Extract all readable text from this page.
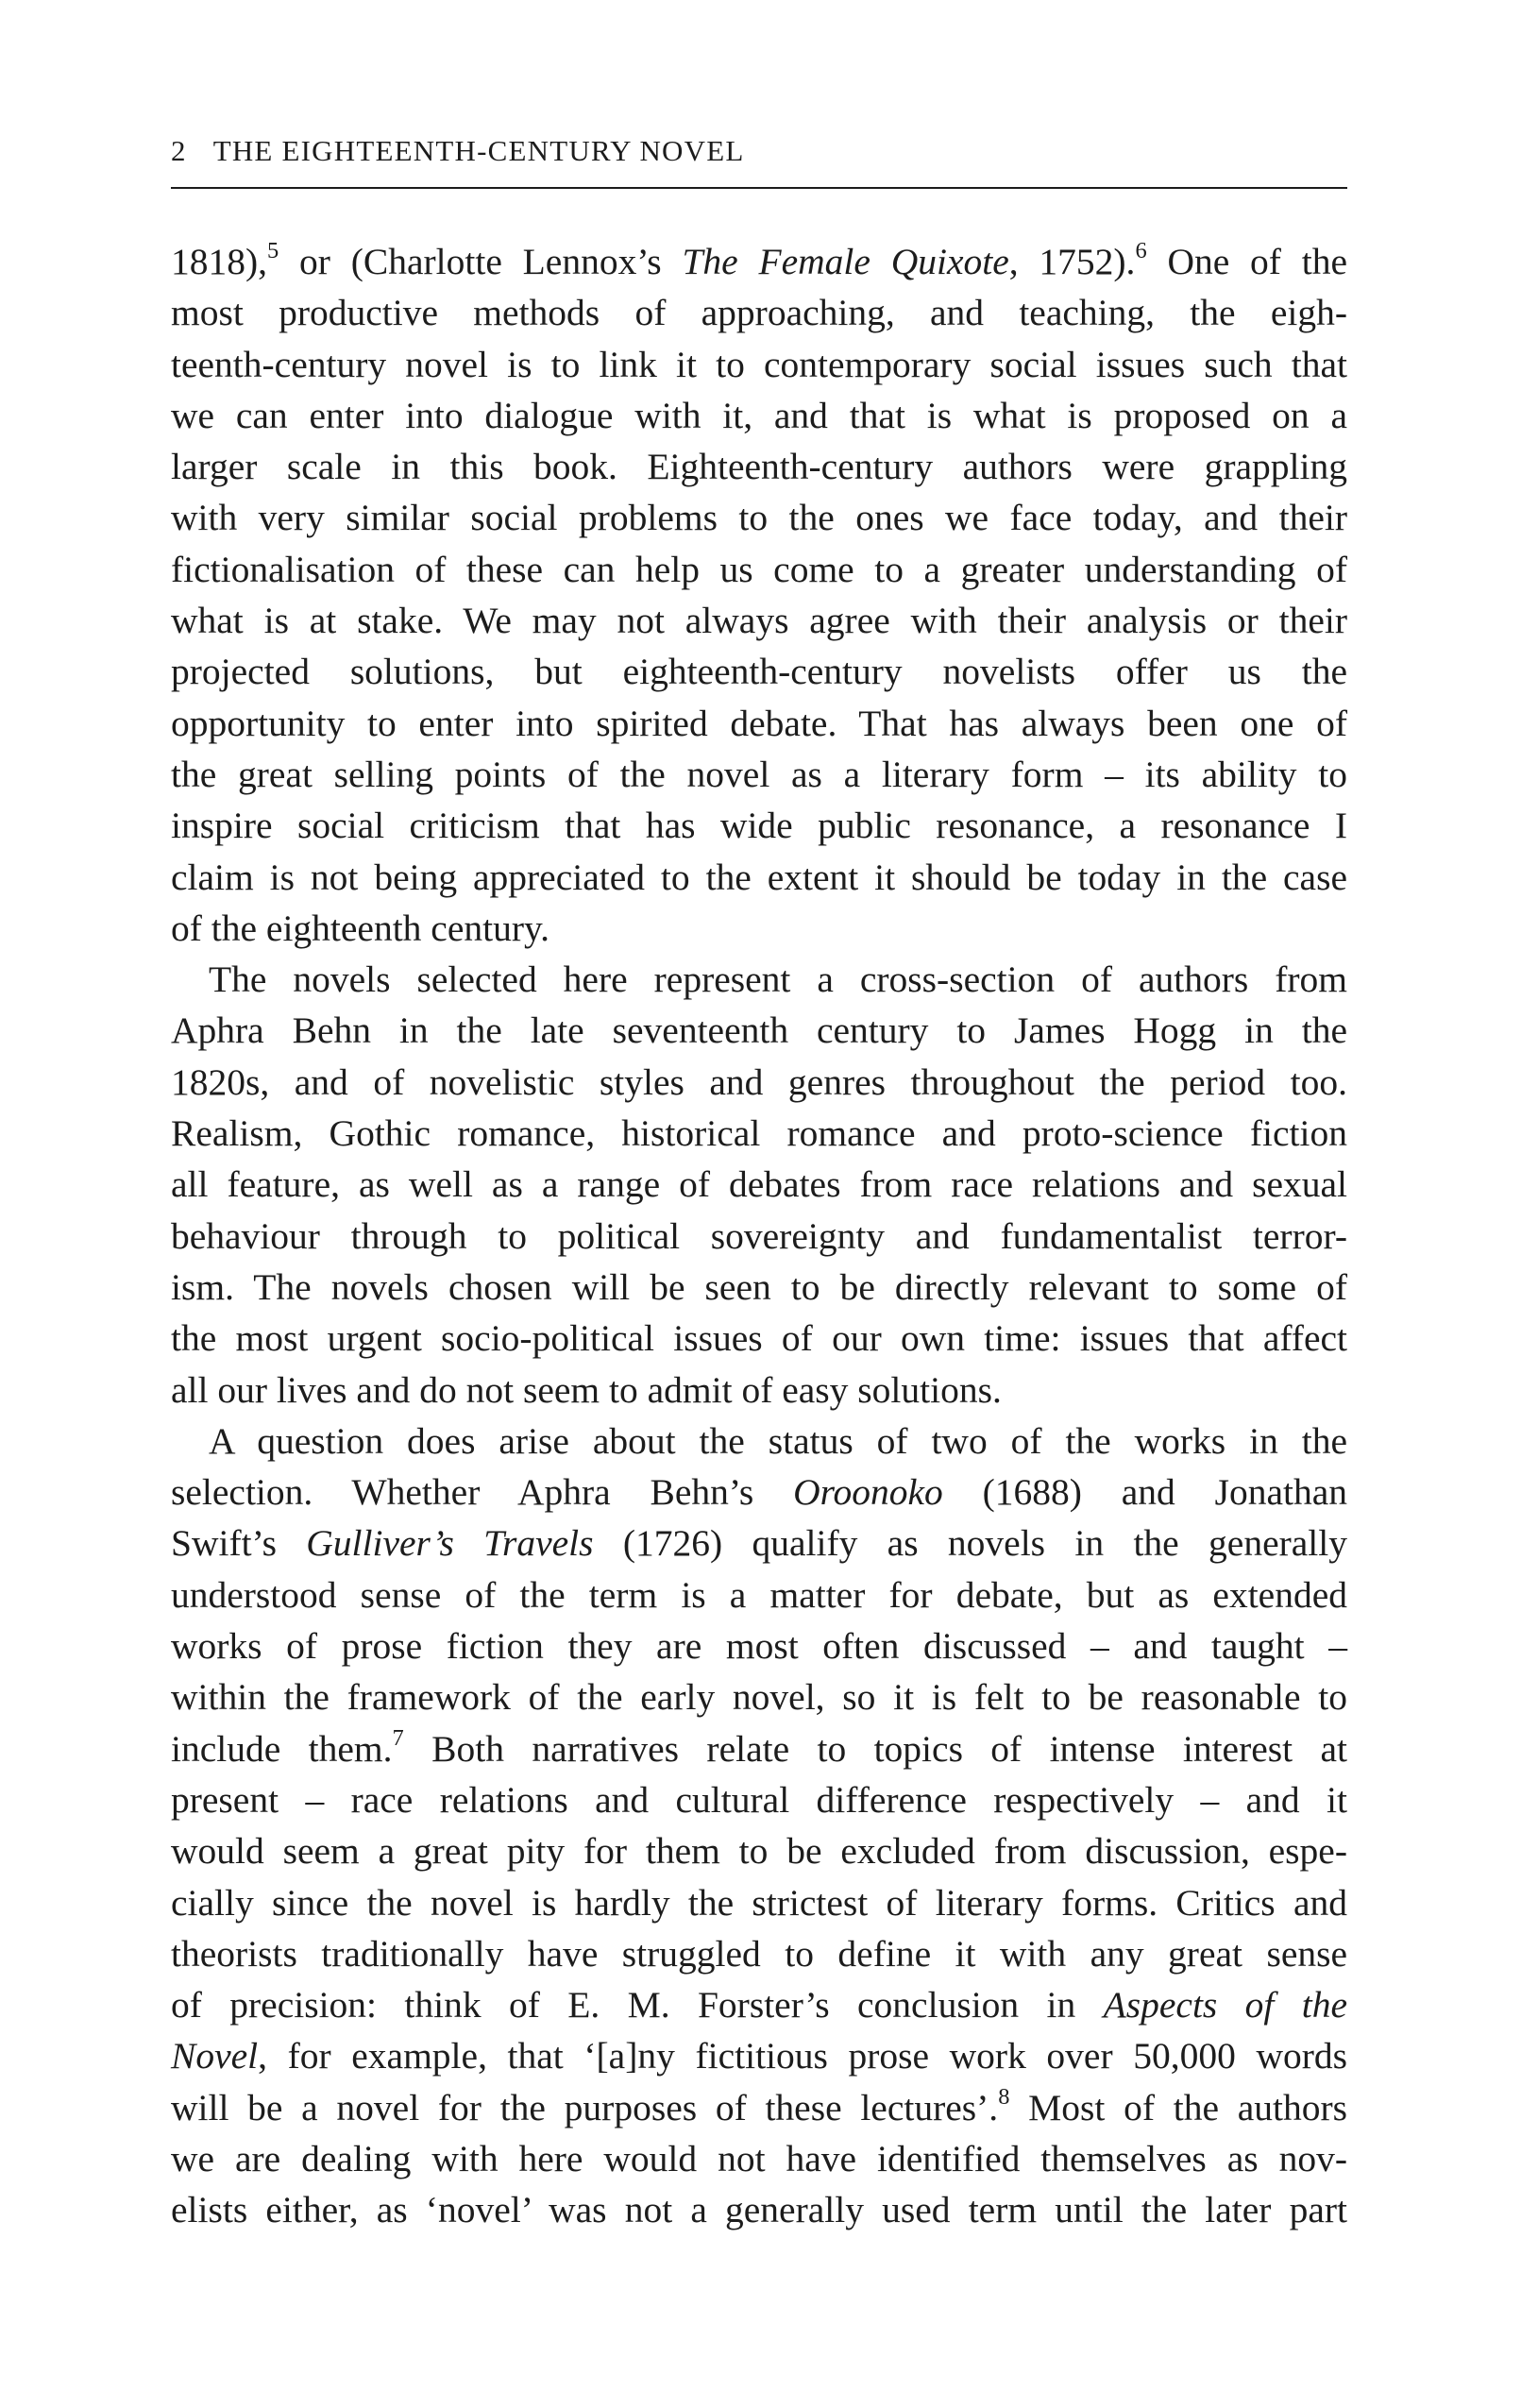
2 THE EIGHTEENTH-CENTURY NOVEL
1818),$^5$ or (Charlotte Lennox’s The Female Quixote, 1752).$^6$ One of the
most productive methods of approaching, and teaching, the eigh-
teenth-century novel is to link it to contemporary social issues such that
we can enter into dialogue with it, and that is what is proposed on a
larger scale in this book. Eighteenth-century authors were grappling
with very similar social problems to the ones we face today, and their
fictionalisation of these can help us come to a greater understanding of
what is at stake. We may not always agree with their analysis or their
projected solutions, but eighteenth-century novelists offer us the
opportunity to enter into spirited debate. That has always been one of
the great selling points of the novel as a literary form – its ability to
inspire social criticism that has wide public resonance, a resonance I
claim is not being appreciated to the extent it should be today in the case
of the eighteenth century.
The novels selected here represent a cross-section of authors from
Aphra Behn in the late seventeenth century to James Hogg in the
1820s, and of novelistic styles and genres throughout the period too.
Realism, Gothic romance, historical romance and proto-science fiction
all feature, as well as a range of debates from race relations and sexual
behaviour through to political sovereignty and fundamentalist terror-
ism. The novels chosen will be seen to be directly relevant to some of
the most urgent socio-political issues of our own time: issues that affect
all our lives and do not seem to admit of easy solutions.
A question does arise about the status of two of the works in the
selection. Whether Aphra Behn’s Oroonoko (1688) and Jonathan
Swift’s Gulliver’s Travels (1726) qualify as novels in the generally
understood sense of the term is a matter for debate, but as extended
works of prose fiction they are most often discussed – and taught –
within the framework of the early novel, so it is felt to be reasonable to
include them.$^7$ Both narratives relate to topics of intense interest at
present – race relations and cultural difference respectively – and it
would seem a great pity for them to be excluded from discussion, espe-
cially since the novel is hardly the strictest of literary forms. Critics and
theorists traditionally have struggled to define it with any great sense
of precision: think of E. M. Forster’s conclusion in Aspects of the
Novel, for example, that ‘[a]ny fictitious prose work over 50,000 words
will be a novel for the purposes of these lectures’.$^8$ Most of the authors
we are dealing with here would not have identified themselves as nov-
elists either, as ‘novel’ was not a generally used term until the later part
